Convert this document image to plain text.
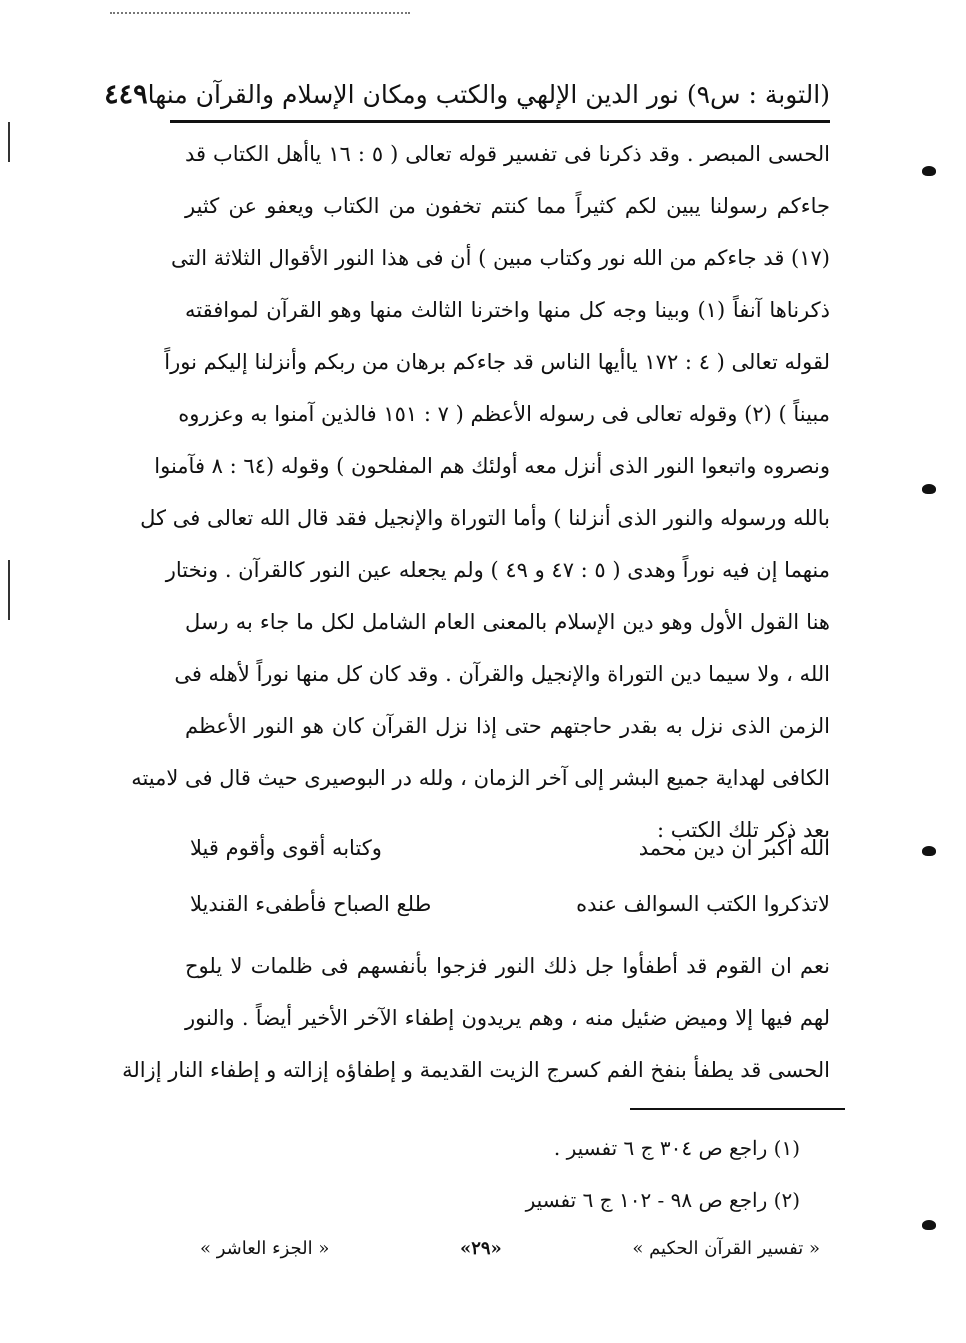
(التوبة : س٩) نور الدين الإلهي والكتب ومكان الإسلام والقرآن منها
٤٤٩
الحسى المبصر . وقد ذكرنا فى تفسير قوله تعالى ( ٥ : ١٦ ياأهل الكتاب قد
جاءكم رسولنا يبين لكم كثيراً مما كنتم تخفون من الكتاب ويعفو عن كثير
(١٧) قد جاءكم من الله نور وكتاب مبين ) أن فى هذا النور الأقوال الثلاثة التى
ذكرناها آنفاً (١) وبينا وجه كل منها واخترنا الثالث منها وهو القرآن لموافقته
لقوله تعالى ( ٤ : ١٧٢ ياأيها الناس قد جاءكم برهان من ربكم وأنزلنا إليكم نوراً
مبيناً ) (٢) وقوله تعالى فى رسوله الأعظم ( ٧ : ١٥١ فالذين آمنوا به وعزروه
ونصروه واتبعوا النور الذى أنزل معه أولئك هم المفلحون ) وقوله (٦٤ : ٨ فآمنوا
بالله ورسوله والنور الذى أنزلنا ) وأما التوراة والإنجيل فقد قال الله تعالى فى كل
منهما إن فيه نوراً وهدى ( ٥ : ٤٧ و ٤٩ ) ولم يجعله عين النور كالقرآن . ونختار
هنا القول الأول وهو دين الإسلام بالمعنى العام الشامل لكل ما جاء به رسل
الله ، ولا سيما دين التوراة والإنجيل والقرآن . وقد كان كل منها نوراً لأهله فى
الزمن الذى نزل به بقدر حاجتهم حتى إذا نزل القرآن كان هو النور الأعظم
الكافى لهداية جميع البشر إلى آخر الزمان ، ولله در البوصيرى حيث قال فى لاميته
بعد ذكر تلك الكتب :
الله أكبر ان دين محمد
وكتابه أقوى وأقوم قيلا
لاتذكروا الكتب السوالف عنده
طلع الصباح فأطفىء القنديلا
نعم ان القوم قد أطفأوا جل ذلك النور فزجوا بأنفسهم فى ظلمات لا يلوح
لهم فيها إلا وميض ضئيل منه ، وهم يريدون إطفاء الآخر الأخير أيضاً . والنور
الحسى قد يطفأ بنفخ الفم كسرج الزيت القديمة و إطفاؤه إزالته و إطفاء النار إزالة
(١) راجع ص ٣٠٤ ج ٦ تفسير .
(٢) راجع ص ٩٨ - ١٠٢ ج ٦ تفسير
« تفسير القرآن الحكيم »
«٢٩»
« الجزء العاشر »
